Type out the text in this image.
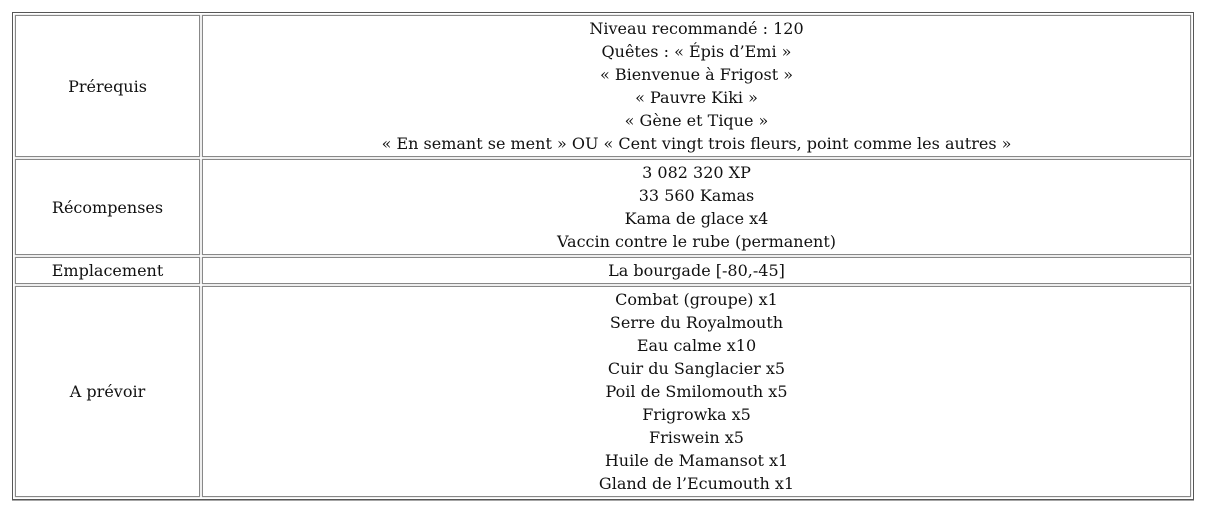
Prérequis	
Niveau recommandé : 120
Quêtes : « Épis d’Emi »
« Bienvenue à Frigost »
« Pauvre Kiki »
« Gène et Tique »
« En semant se ment » OU « Cent vingt trois fleurs, point comme les autres »

Récompenses	3 082 320 XP
33 560 Kamas
Kama de glace x4
Vaccin contre le rube (permanent)

Emplacement	La bourgade [-80,-45]

A prévoir	
Combat (groupe) x1
Serre du Royalmouth
Eau calme x10
Cuir du Sanglacier x5
Poil de Smilomouth x5
Frigrowka x5
Friswein x5
Huile de Mamansot x1
Gland de l’Ecumouth x1
